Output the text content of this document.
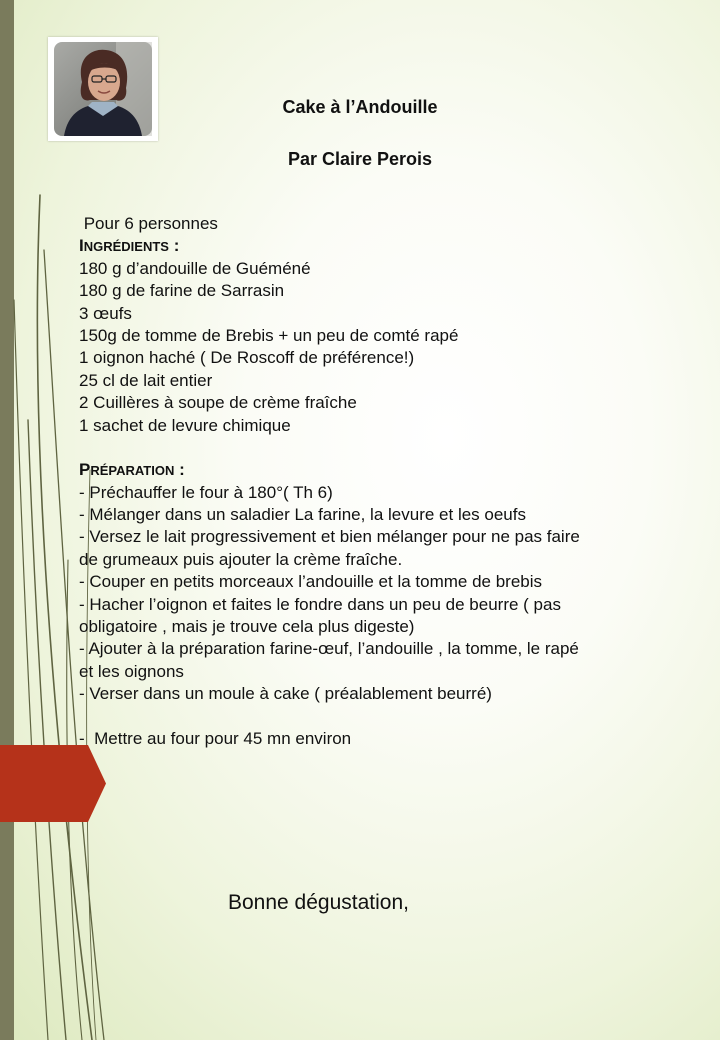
Cake à l’Andouille
Par Claire Perois
Pour 6 personnes
INGRÉDIENTS :
180 g d’andouille de Guéméné
180 g de farine de Sarrasin
3 œufs
150g de tomme de Brebis + un peu de comté rapé
1 oignon haché ( De Roscoff de préférence!)
25 cl de lait entier
2 Cuillères à soupe de crème fraîche
1 sachet de levure chimique
PRÉPARATION :
- Préchauffer le four à 180°( Th 6)
- Mélanger dans un saladier La farine, la levure et les oeufs
- Versez le lait progressivement et bien mélanger pour ne pas faire
de grumeaux puis ajouter la crème fraîche.
- Couper en petits morceaux l’andouille et la tomme de brebis
- Hacher l’oignon et faites le fondre dans un peu de beurre ( pas
obligatoire , mais je trouve cela plus digeste)
- Ajouter à la préparation farine-œuf, l’andouille , la tomme, le rapé
et les oignons
- Verser dans un moule à cake ( préalablement beurré)
-  Mettre au four pour 45 mn environ
Bonne dégustation,
